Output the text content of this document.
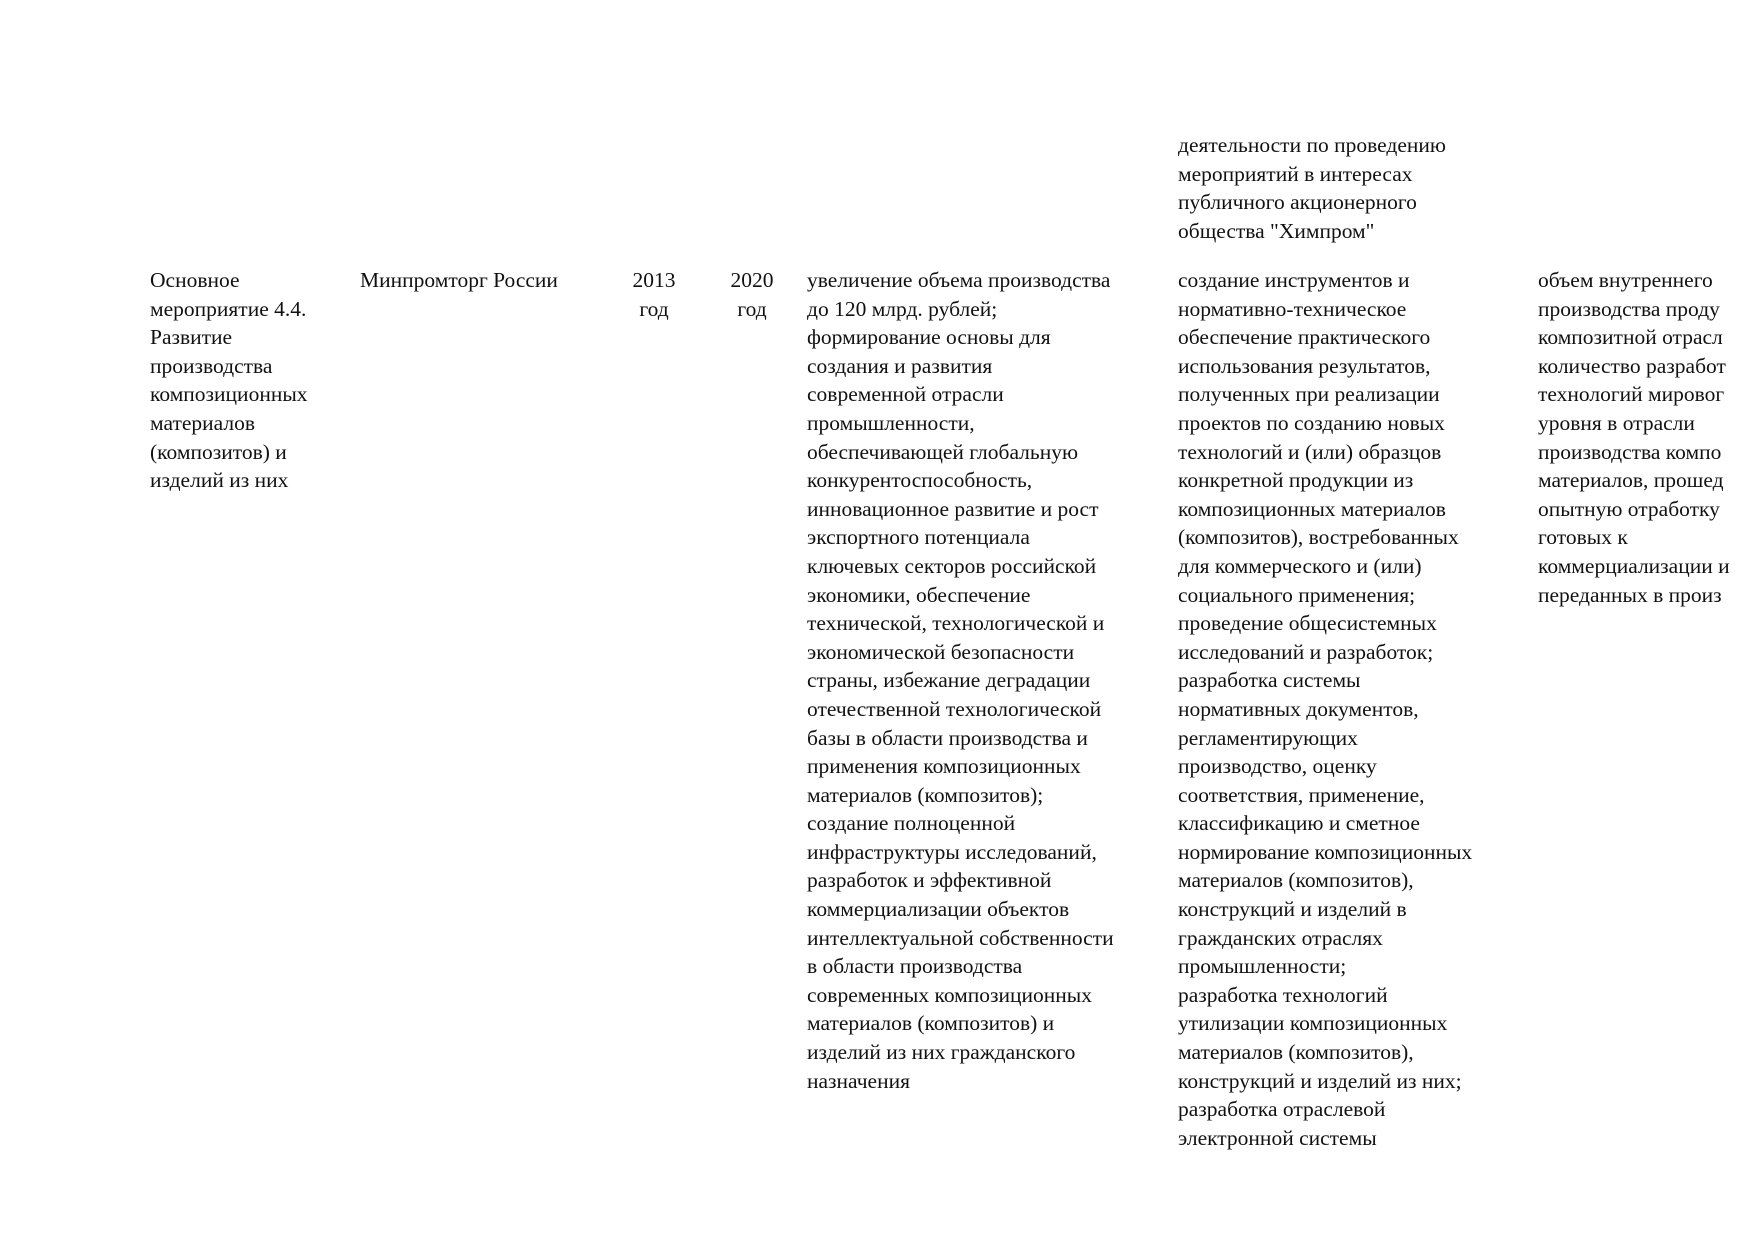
деятельности по проведению
мероприятий в интересах
публичного акционерного
общества "Химпром"
Основное
мероприятие 4.4.
Развитие
производства
композиционных
материалов
(композитов) и
изделий из них
Минпромторг России	2013
год
2020
год
увеличение объема производства
до 120 млрд. рублей;
формирование основы для
создания и развития
современной отрасли
промышленности,
обеспечивающей глобальную
конкурентоспособность,
инновационное развитие и рост
экспортного потенциала
ключевых секторов российской
экономики, обеспечение
технической, технологической и
экономической безопасности
страны, избежание деградации
отечественной технологической
базы в области производства и
применения композиционных
материалов (композитов);
создание полноценной
инфраструктуры исследований,
разработок и эффективной
коммерциализации объектов
интеллектуальной собственности
в области производства
современных композиционных
материалов (композитов) и
изделий из них гражданского
назначения
создание инструментов и
нормативно-техническое
обеспечение практического
использования результатов,
полученных при реализации
проектов по созданию новых
технологий и (или) образцов
конкретной продукции из
композиционных материалов
(композитов), востребованных
для коммерческого и (или)
социального применения;
проведение общесистемных
исследований и разработок;
разработка системы
нормативных документов,
регламентирующих
производство, оценку
соответствия, применение,
классификацию и сметное
нормирование композиционных
материалов (композитов),
конструкций и изделий в
гражданских отраслях
промышленности;
разработка технологий
утилизации композиционных
материалов (композитов),
конструкций и изделий из них;
разработка отраслевой
электронной системы
объем внутреннего
производства проду
композитной отрасл
количество разработ
технологий мировог
уровня в отрасли
производства компо
материалов, прошед
опытную отработку
готовых к
коммерциализации и
переданных в произ
